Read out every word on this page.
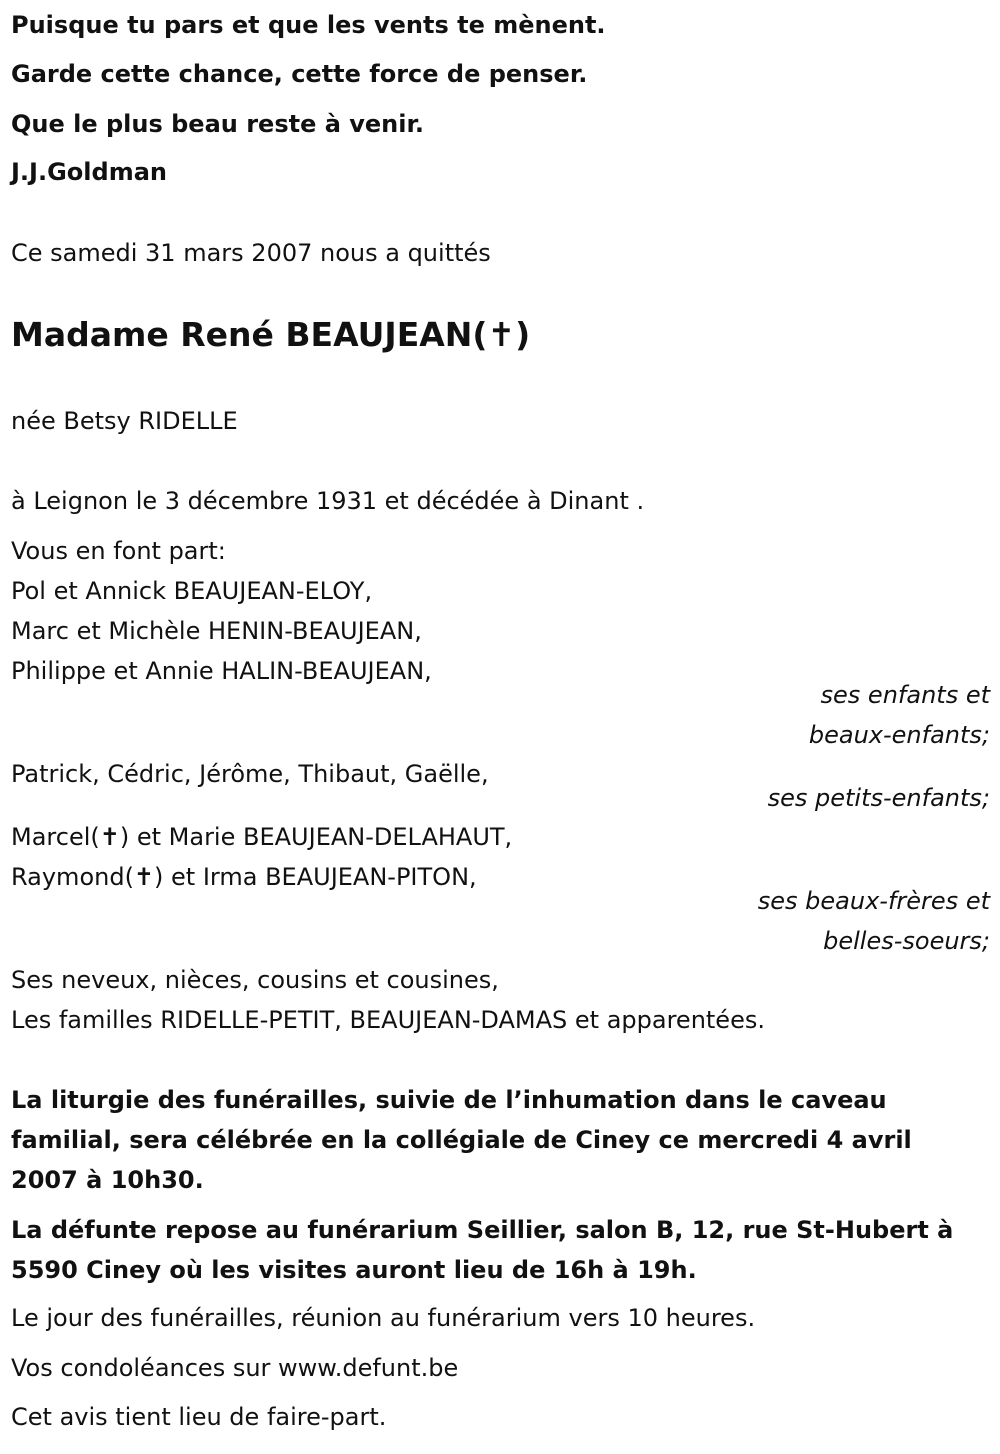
Puisque tu pars et que les vents te mènent.

Garde cette chance, cette force de penser.

Que le plus beau reste à venir.

J.J.Goldman

Ce samedi 31 mars 2007 nous a quittés

Madame René BEAUJEAN(✝)

née Betsy RIDELLE

à Leignon le 3 décembre 1931 et décédée à Dinant .

Vous en font part:

Pol et Annick BEAUJEAN-ELOY,

Marc et Michèle HENIN-BEAUJEAN,

Philippe et Annie HALIN-BEAUJEAN,

ses enfants et

beaux-enfants;

Patrick, Cédric, Jérôme, Thibaut, Gaëlle,

ses petits-enfants;

Marcel(✝) et Marie BEAUJEAN-DELAHAUT,

Raymond(✝) et Irma BEAUJEAN-PITON,

ses beaux-frères et

belles-soeurs;

Ses neveux, nièces, cousins et cousines,

Les familles RIDELLE-PETIT, BEAUJEAN-DAMAS et apparentées.

La liturgie des funérailles, suivie de l’inhumation dans le caveau familial, sera célébrée en la collégiale de Ciney ce mercredi 4 avril 2007 à 10h30.

La défunte repose au funérarium Seillier, salon B, 12, rue St-Hubert à 5590 Ciney où les visites auront lieu de 16h à 19h.

Le jour des funérailles, réunion au funérarium vers 10 heures.

Vos condoléances sur www.defunt.be

Cet avis tient lieu de faire-part.
